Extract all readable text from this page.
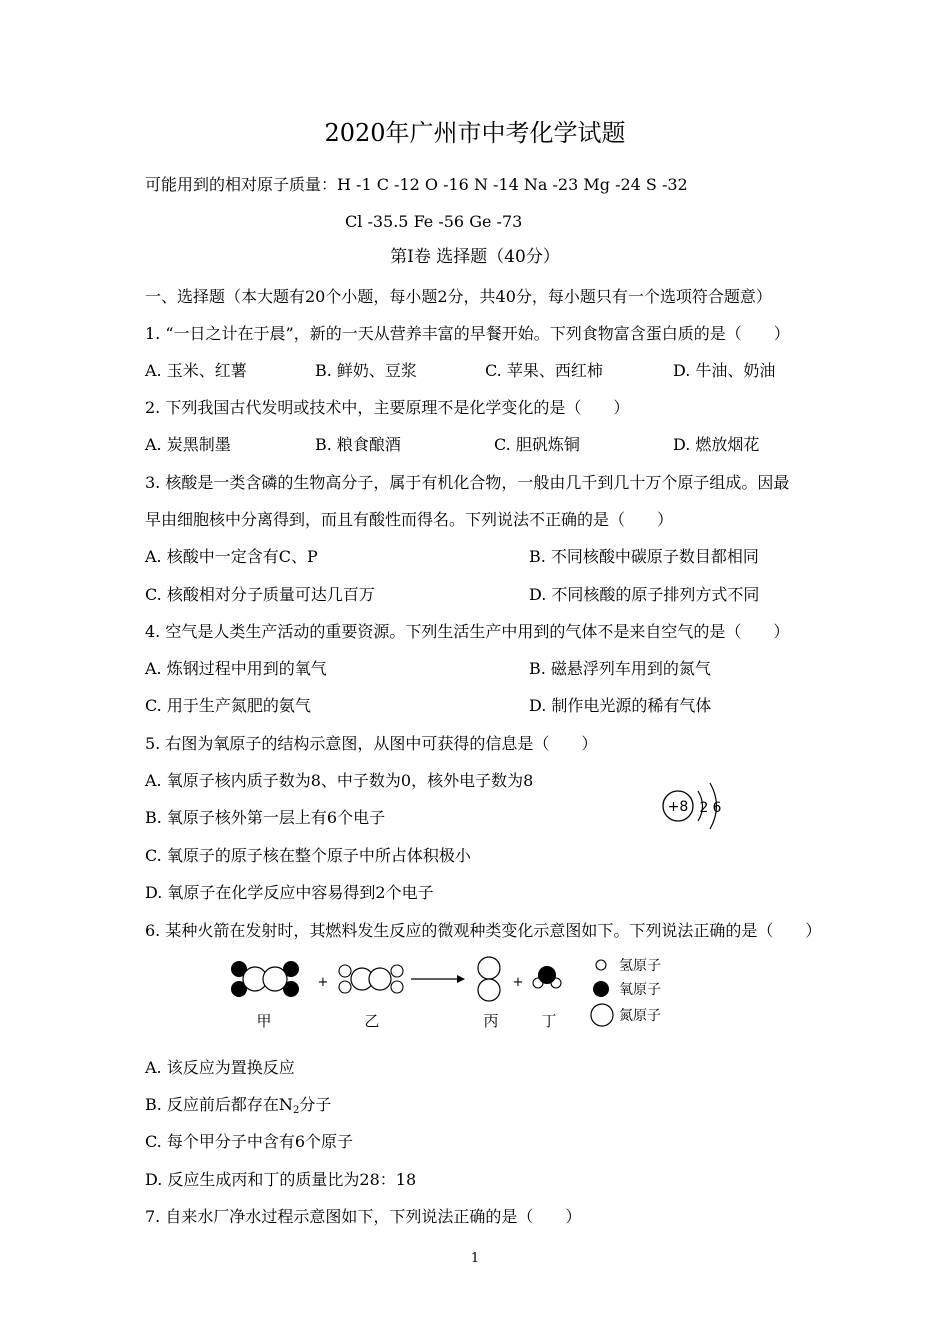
2020年广州市中考化学试题
可能用到的相对原子质量：H -1 C -12 O -16 N -14 Na -23 Mg -24 S -32
Cl -35.5 Fe -56 Ge -73
第Ⅰ卷 选择题（40分）
一、选择题（本大题有20个小题，每小题2分，共40分，每小题只有一个选项符合题意）
1. “一日之计在于晨”，新的一天从营养丰富的早餐开始。下列食物富含蛋白质的是（　　）
A. 玉米、红薯	B. 鲜奶、豆浆	C. 苹果、西红柿	D. 牛油、奶油
2. 下列我国古代发明或技术中，主要原理不是化学变化的是（　　）
A. 炭黑制墨	B. 粮食酿酒	C. 胆矾炼铜	D. 燃放烟花
3. 核酸是一类含磷的生物高分子，属于有机化合物，一般由几千到几十万个原子组成。因最
早由细胞核中分离得到，而且有酸性而得名。下列说法不正确的是（　　）
A. 核酸中一定含有C、P	B. 不同核酸中碳原子数目都相同
C. 核酸相对分子质量可达几百万	D. 不同核酸的原子排列方式不同
4. 空气是人类生产活动的重要资源。下列生活生产中用到的气体不是来自空气的是（　　）
A. 炼钢过程中用到的氧气	B. 磁悬浮列车用到的氮气
C. 用于生产氮肥的氨气	D. 制作电光源的稀有气体
5. 右图为氧原子的结构示意图，从图中可获得的信息是（　　）
A. 氧原子核内质子数为8、中子数为0，核外电子数为8
B. 氧原子核外第一层上有6个电子
C. 氧原子的原子核在整个原子中所占体积极小
D. 氧原子在化学反应中容易得到2个电子
+8 2 6
6. 某种火箭在发射时，其燃料发生反应的微观种类变化示意图如下。下列说法正确的是（　　）
+	+
氢原子
氧原子
氮原子
甲	乙	丙	丁
A. 该反应为置换反应
B. 反应前后都存在$N_2$分子
C. 每个甲分子中含有6个原子
D. 反应生成丙和丁的质量比为28：18
7. 自来水厂净水过程示意图如下，下列说法正确的是（　　）
1
